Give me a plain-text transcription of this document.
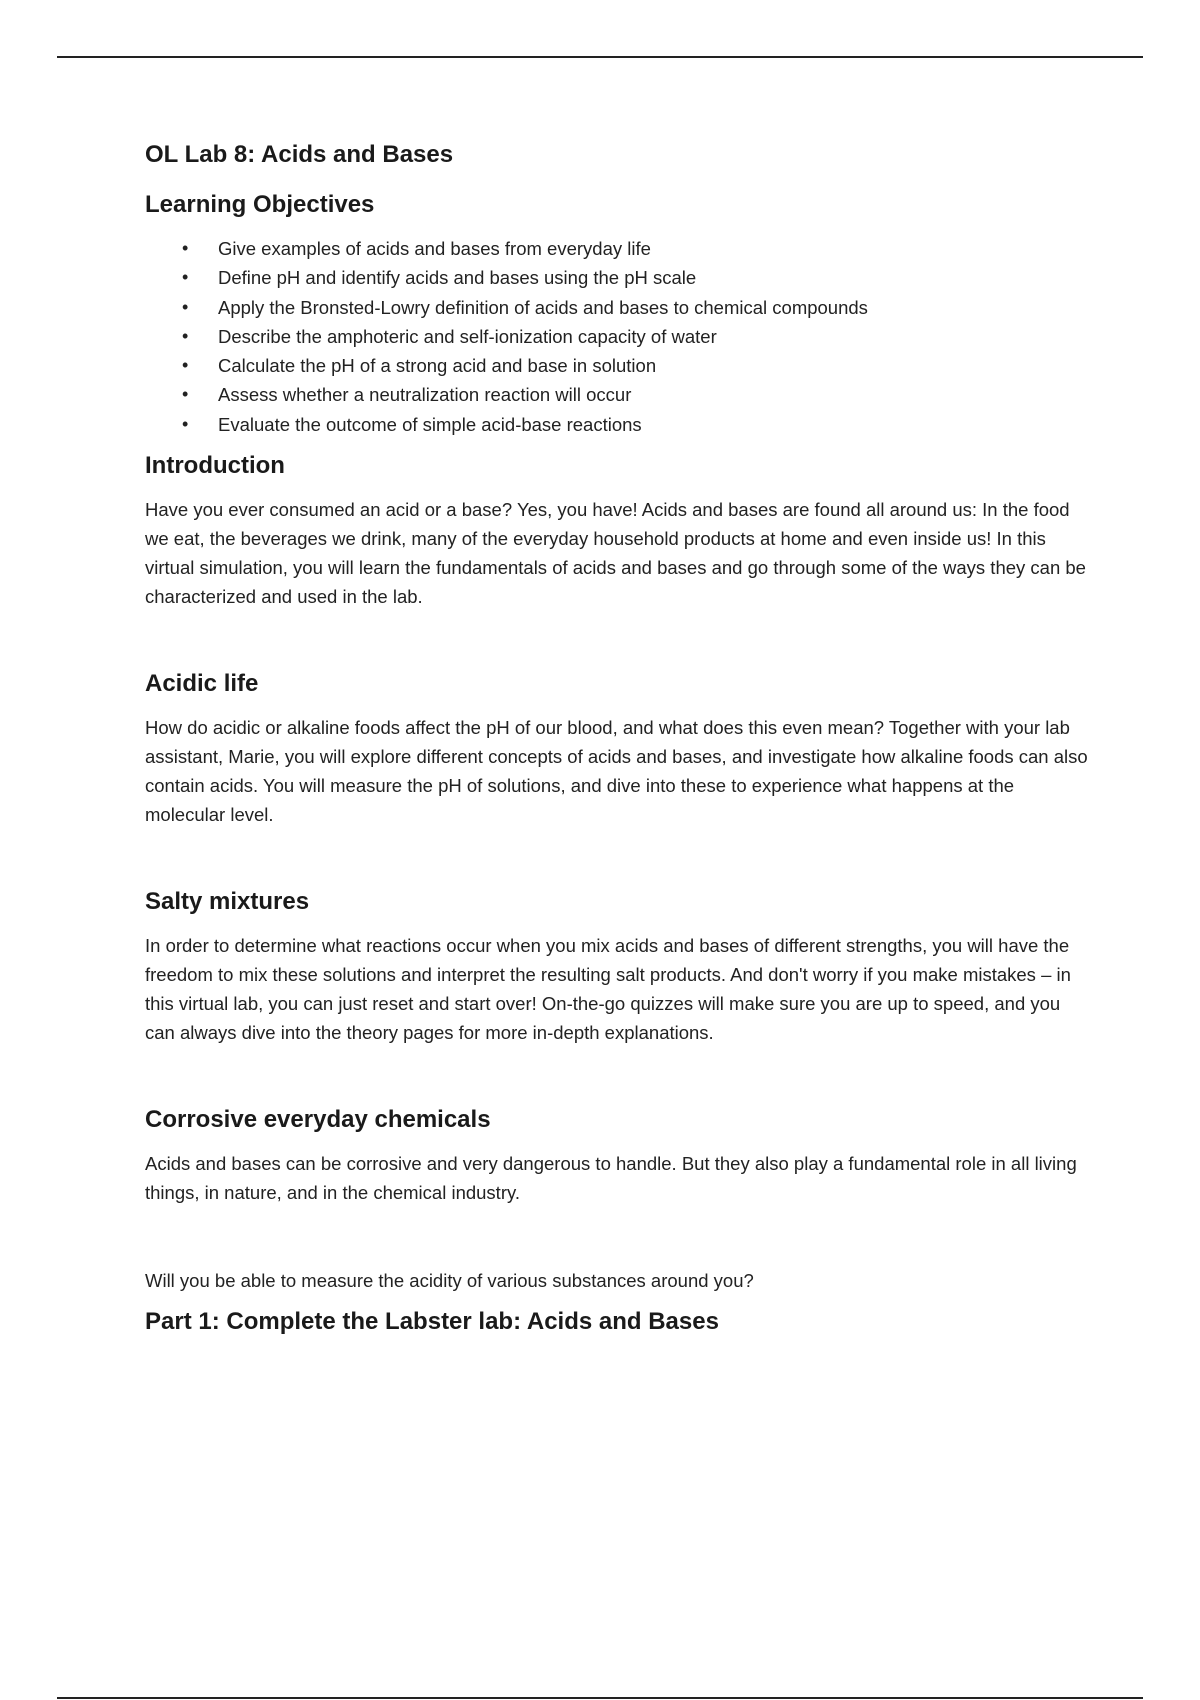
OL Lab 8: Acids and Bases
Learning Objectives
• Give examples of acids and bases from everyday life
• Define pH and identify acids and bases using the pH scale
• Apply the Bronsted-Lowry definition of acids and bases to chemical compounds
• Describe the amphoteric and self-ionization capacity of water
• Calculate the pH of a strong acid and base in solution
• Assess whether a neutralization reaction will occur
• Evaluate the outcome of simple acid-base reactions
Introduction

Have you ever consumed an acid or a base? Yes, you have! Acids and bases are found all around us: In the food we eat, the beverages we drink, many of the everyday household products at home and even inside us! In this virtual simulation, you will learn the fundamentals of acids and bases and go through some of the ways they can be characterized and used in the lab.

Acidic life

How do acidic or alkaline foods affect the pH of our blood, and what does this even mean? Together with your lab assistant, Marie, you will explore different concepts of acids and bases, and investigate how alkaline foods can also contain acids. You will measure the pH of solutions, and dive into these to experience what happens at the molecular level.

Salty mixtures

In order to determine what reactions occur when you mix acids and bases of different strengths, you will have the freedom to mix these solutions and interpret the resulting salt products. And don't worry if you make mistakes – in this virtual lab, you can just reset and start over! On-the-go quizzes will make sure you are up to speed, and you can always dive into the theory pages for more in-depth explanations.

Corrosive everyday chemicals

Acids and bases can be corrosive and very dangerous to handle. But they also play a fundamental role in all living things, in nature, and in the chemical industry.

Will you be able to measure the acidity of various substances around you?

Part 1: Complete the Labster lab: Acids and Bases
